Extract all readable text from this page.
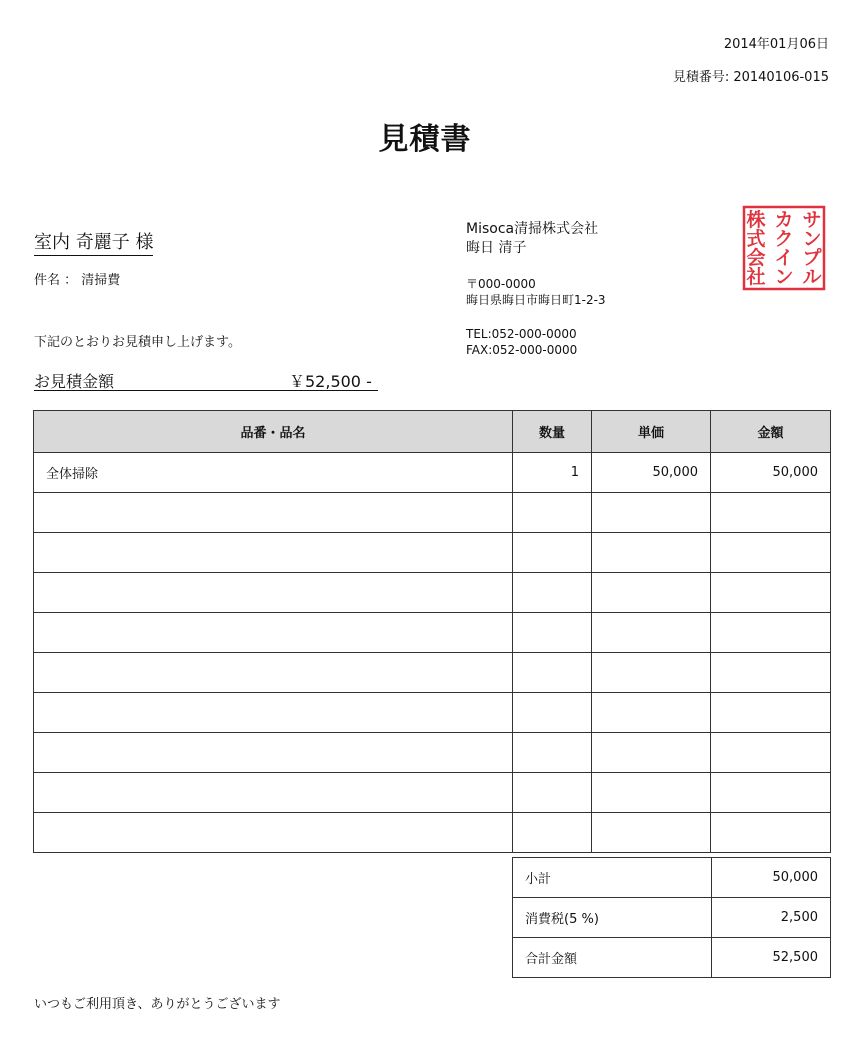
2014年01月06日
見積番号: 20140106-015
見積書
室内 奇麗子 様
件名 ： 清掃費
下記のとおりお見積申し上げます。
お見積金額	￥52,500 -
Misoca清掃株式会社
晦日 清子
〒000-0000
晦日県晦日市晦日町1-2-3
TEL:052-000-0000
FAX:052-000-0000
サ
ン
プ
ル
カ
ク
イ
ン
株
式
会
社
品番・品名	数量	単価	金額
全体掃除	1	50,000	50,000

小計	50,000
消費税(5 %)	2,500
合計金額	52,500
いつもご利用頂き、ありがとうございます
